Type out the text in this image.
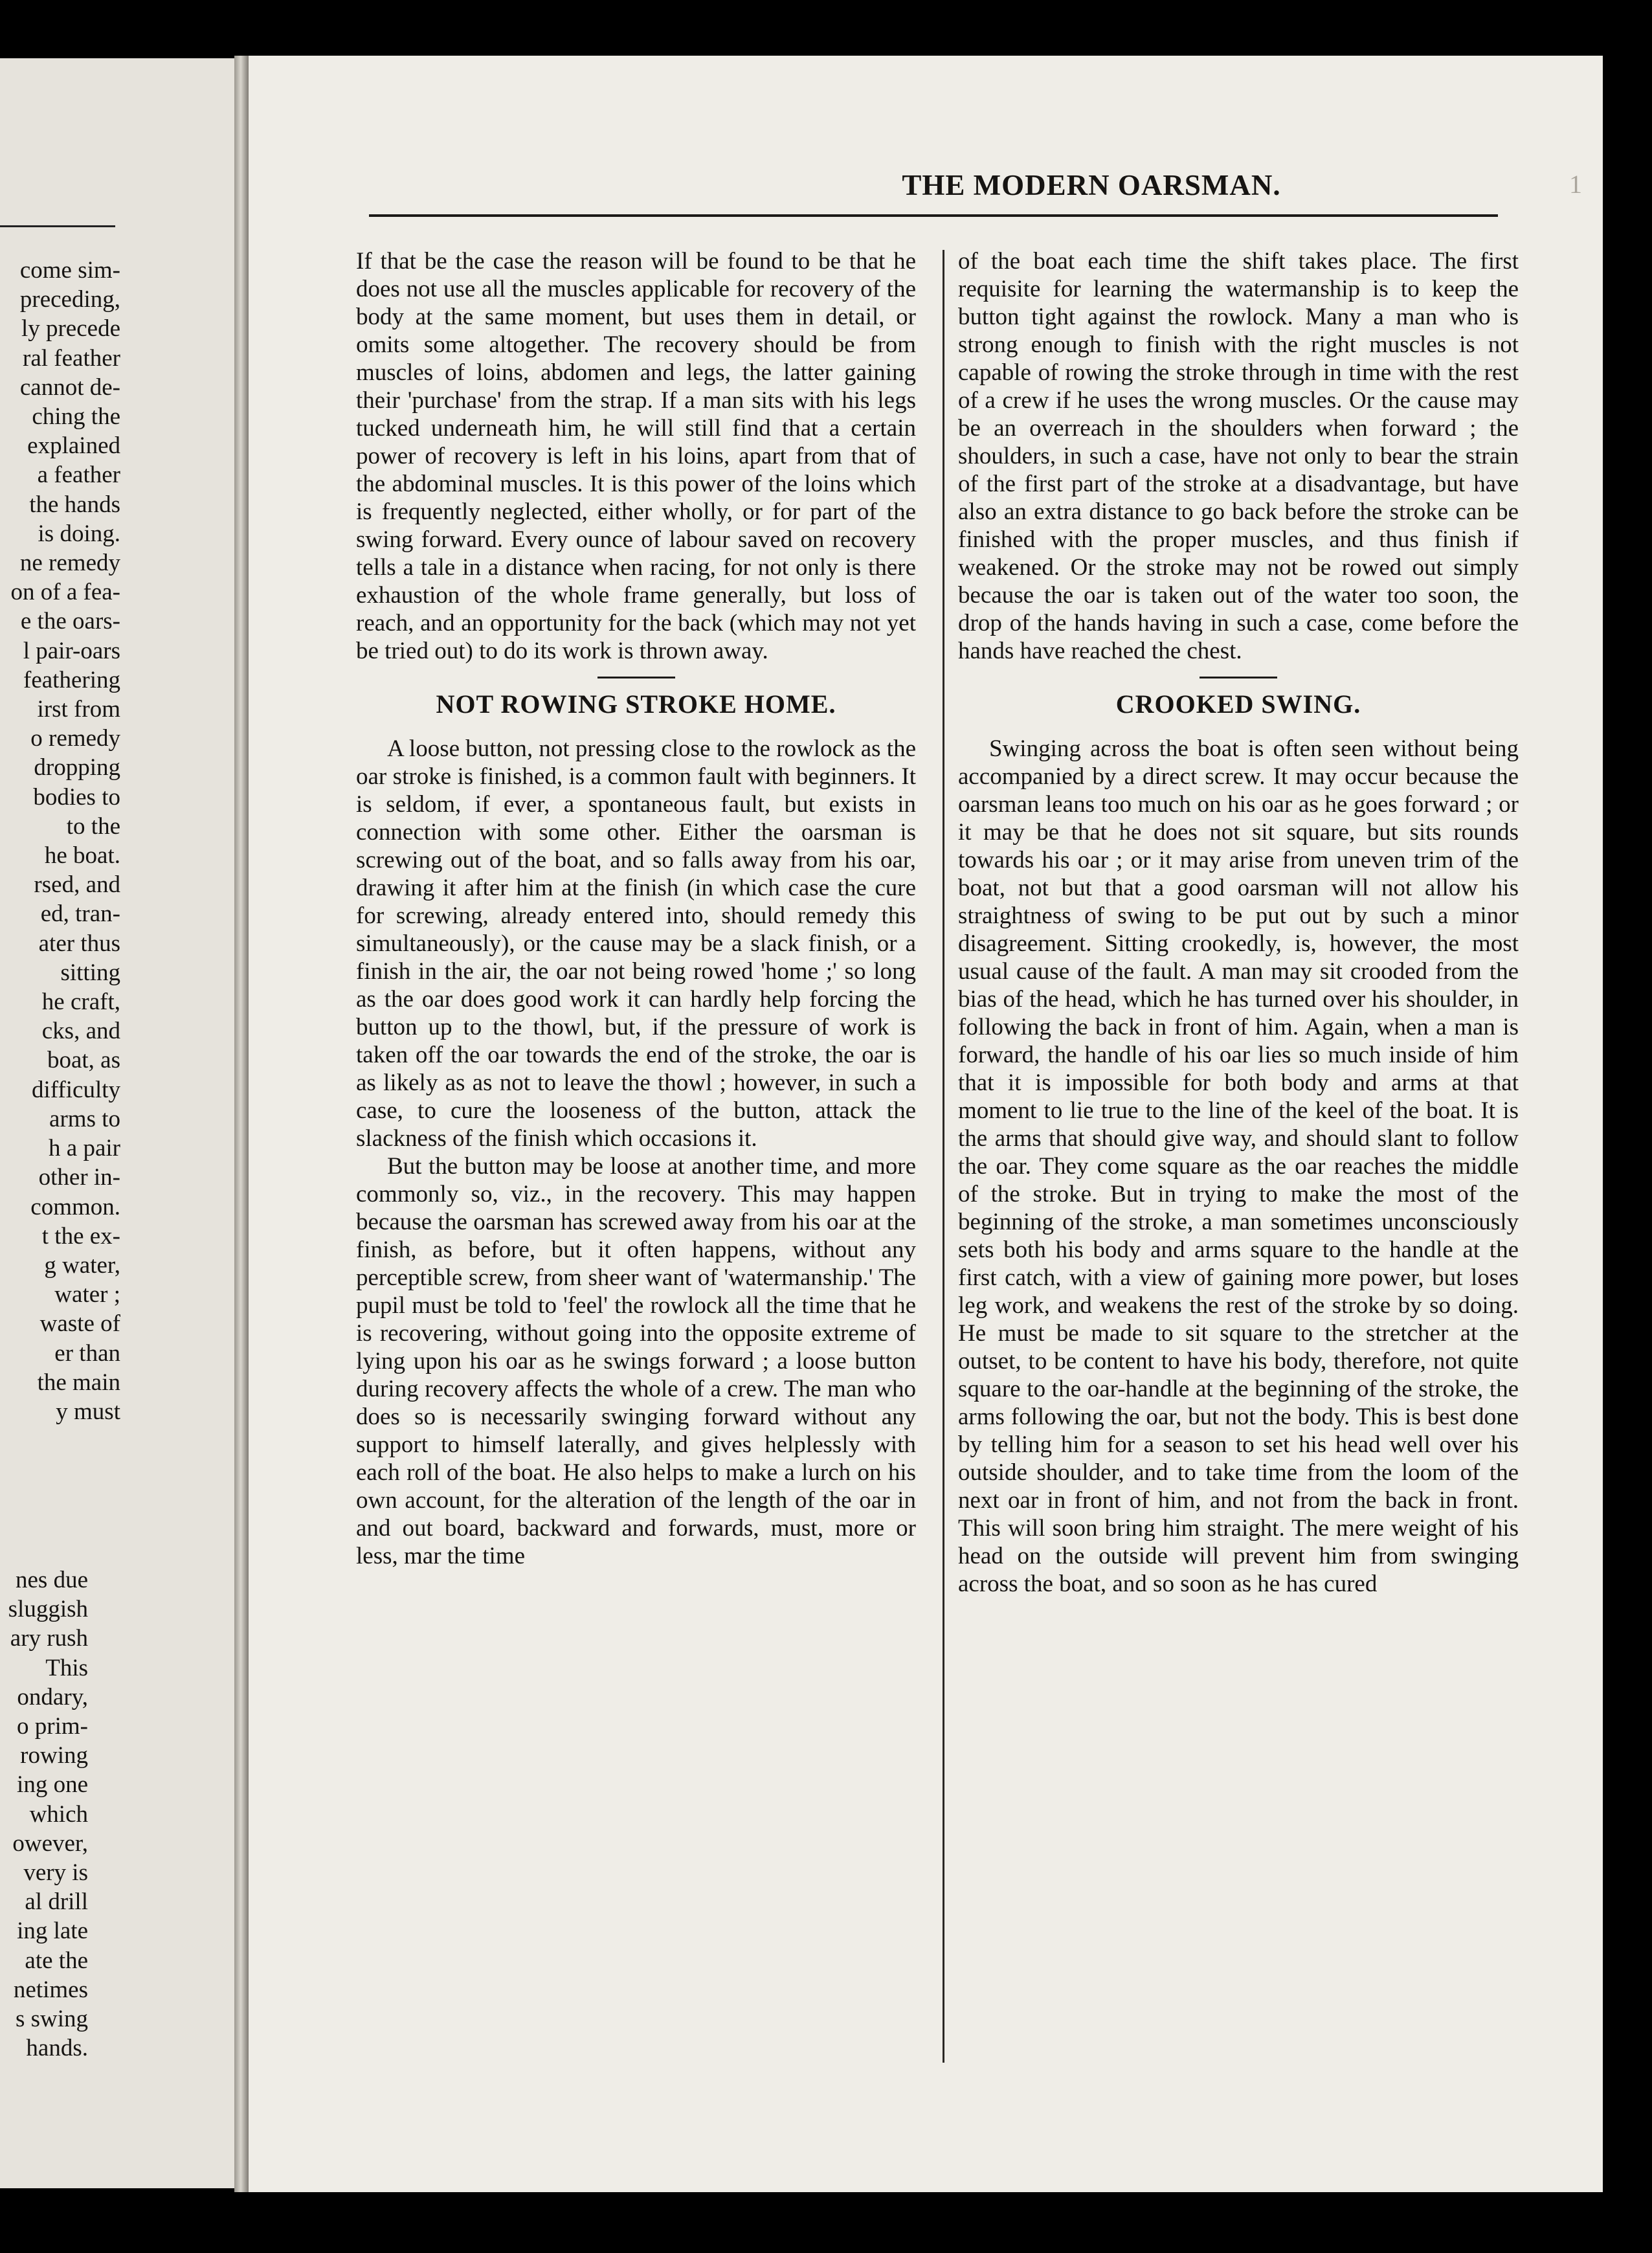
come sim-
preceding,
ly precede
ral feather
cannot de-
ching the
explained
a feather
the hands
is doing.
ne remedy
on of a fea-
e the oars-
l pair-oars
feathering
irst from
o remedy
dropping
bodies to
to the
he boat.
rsed, and
ed, tran-
ater thus
sitting
he craft,
cks, and
boat, as
difficulty
arms to
h a pair
other in-
common.
t the ex-
g water,
water ;
waste of
er than
the main
y must
nes due
sluggish
ary rush
This
ondary,
o prim-
rowing
ing one
which
owever,
very is
al drill
ing late
ate the
netimes
s swing
hands.
THE MODERN OARSMAN.	1

If that be the case the reason will be found to be that he does not use all the muscles applicable for recovery of the body at the same moment, but uses them in detail, or omits some altogether. The recovery should be from muscles of loins, abdomen and legs, the latter gaining their 'purchase' from the strap. If a man sits with his legs tucked underneath him, he will still find that a certain power of recovery is left in his loins, apart from that of the abdominal muscles. It is this power of the loins which is frequently neglected, either wholly, or for part of the swing forward. Every ounce of labour saved on recovery tells a tale in a distance when racing, for not only is there exhaustion of the whole frame generally, but loss of reach, and an opportunity for the back (which may not yet be tried out) to do its work is thrown away.

NOT ROWING STROKE HOME.

A loose button, not pressing close to the rowlock as the oar stroke is finished, is a common fault with beginners. It is seldom, if ever, a spontaneous fault, but exists in connection with some other. Either the oarsman is screwing out of the boat, and so falls away from his oar, drawing it after him at the finish (in which case the cure for screwing, already entered into, should remedy this simultaneously), or the cause may be a slack finish, or a finish in the air, the oar not being rowed 'home ;' so long as the oar does good work it can hardly help forcing the button up to the thowl, but, if the pressure of work is taken off the oar towards the end of the stroke, the oar is as likely as as not to leave the thowl ; however, in such a case, to cure the looseness of the button, attack the slackness of the finish which occasions it.

But the button may be loose at another time, and more commonly so, viz., in the recovery. This may happen because the oarsman has screwed away from his oar at the finish, as before, but it often happens, without any perceptible screw, from sheer want of 'watermanship.' The pupil must be told to 'feel' the rowlock all the time that he is recovering, without going into the opposite extreme of lying upon his oar as he swings forward ; a loose button during recovery affects the whole of a crew. The man who does so is necessarily swinging forward without any support to himself laterally, and gives helplessly with each roll of the boat. He also helps to make a lurch on his own account, for the alteration of the length of the oar in and out board, backward and forwards, must, more or less, mar the time

of the boat each time the shift takes place. The first requisite for learning the watermanship is to keep the button tight against the rowlock. Many a man who is strong enough to finish with the right muscles is not capable of rowing the stroke through in time with the rest of a crew if he uses the wrong muscles. Or the cause may be an overreach in the shoulders when forward ; the shoulders, in such a case, have not only to bear the strain of the first part of the stroke at a disadvantage, but have also an extra distance to go back before the stroke can be finished with the proper muscles, and thus finish if weakened. Or the stroke may not be rowed out simply because the oar is taken out of the water too soon, the drop of the hands having in such a case, come before the hands have reached the chest.

CROOKED SWING.

Swinging across the boat is often seen without being accompanied by a direct screw. It may occur because the oarsman leans too much on his oar as he goes forward ; or it may be that he does not sit square, but sits rounds towards his oar ; or it may arise from uneven trim of the boat, not but that a good oarsman will not allow his straightness of swing to be put out by such a minor disagreement. Sitting crookedly, is, however, the most usual cause of the fault. A man may sit crooded from the bias of the head, which he has turned over his shoulder, in following the back in front of him. Again, when a man is forward, the handle of his oar lies so much inside of him that it is impossible for both body and arms at that moment to lie true to the line of the keel of the boat. It is the arms that should give way, and should slant to follow the oar. They come square as the oar reaches the middle of the stroke. But in trying to make the most of the beginning of the stroke, a man sometimes unconsciously sets both his body and arms square to the handle at the first catch, with a view of gaining more power, but loses leg work, and weakens the rest of the stroke by so doing. He must be made to sit square to the stretcher at the outset, to be content to have his body, therefore, not quite square to the oar-handle at the beginning of the stroke, the arms following the oar, but not the body. This is best done by telling him for a season to set his head well over his outside shoulder, and to take time from the loom of the next oar in front of him, and not from the back in front. This will soon bring him straight. The mere weight of his head on the outside will prevent him from swinging across the boat, and so soon as he has cured
